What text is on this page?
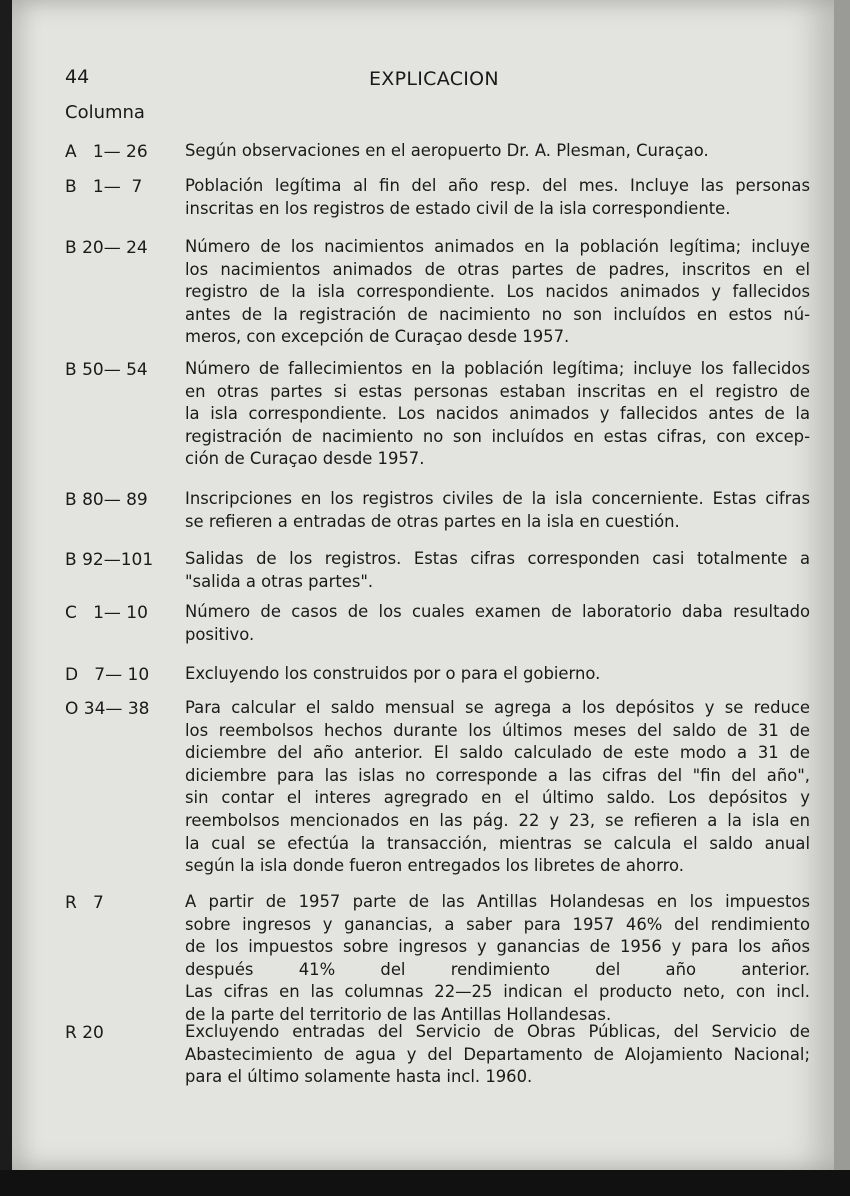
44	EXPLICACION
Columna
A   1— 26	Según observaciones en el aeropuerto Dr. A. Plesman, Curaçao.
B   1—  7	Población legítima al fin del año resp. del mes. Incluye las personas
inscritas en los registros de estado civil de la isla correspondiente.
B 20— 24	Número de los nacimientos animados en la población legítima; incluye
los nacimientos animados de otras partes de padres, inscritos en el
registro de la isla correspondiente. Los nacidos animados y fallecidos
antes de la registración de nacimiento no son incluídos en estos nú-
meros, con excepción de Curaçao desde 1957.
B 50— 54	Número de fallecimientos en la población legítima; incluye los fallecidos
en otras partes si estas personas estaban inscritas en el registro de
la isla correspondiente. Los nacidos animados y fallecidos antes de la
registración de nacimiento no son incluídos en estas cifras, con excep-
ción de Curaçao desde 1957.
B 80— 89	Inscripciones en los registros civiles de la isla concerniente. Estas cifras
se refieren a entradas de otras partes en la isla en cuestión.
B 92—101	Salidas de los registros. Estas cifras corresponden casi totalmente a
"salida a otras partes".
C   1— 10	Número de casos de los cuales examen de laboratorio daba resultado
positivo.
D   7— 10	Excluyendo los construidos por o para el gobierno.
O 34— 38	Para calcular el saldo mensual se agrega a los depósitos y se reduce
los reembolsos hechos durante los últimos meses del saldo de 31 de
diciembre del año anterior. El saldo calculado de este modo a 31 de
diciembre para las islas no corresponde a las cifras del "fin del año",
sin contar el interes agregrado en el último saldo. Los depósitos y
reembolsos mencionados en las pág. 22 y 23, se refieren a la isla en
la cual se efectúa la transacción, mientras se calcula el saldo anual
según la isla donde fueron entregados los libretes de ahorro.
R   7	A partir de 1957 parte de las Antillas Holandesas en los impuestos
sobre ingresos y ganancias, a saber para 1957 46% del rendimiento
de los impuestos sobre ingresos y ganancias de 1956 y para los años
después 41% del rendimiento del año anterior.
Las cifras en las columnas 22—25 indican el producto neto, con incl.
de la parte del territorio de las Antillas Hollandesas.
R 20	Excluyendo entradas del Servicio de Obras Públicas, del Servicio de
Abastecimiento de agua y del Departamento de Alojamiento Nacional;
para el último solamente hasta incl. 1960.
